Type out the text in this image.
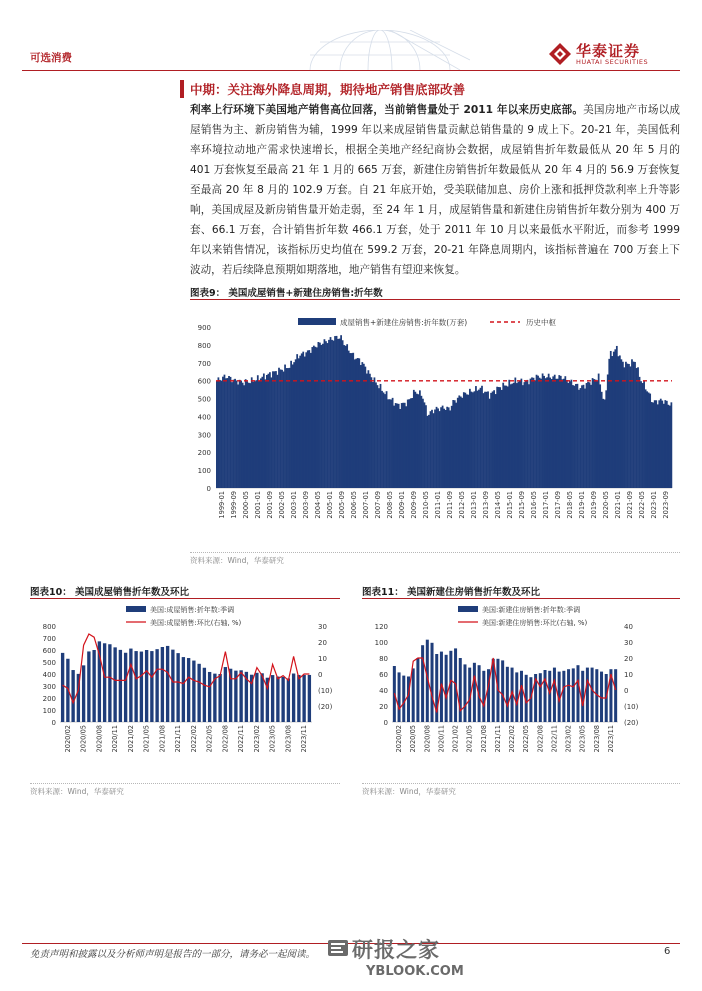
可选消费	华泰证券
HUATAI SECURITIES
中期：关注海外降息周期，期待地产销售底部改善
利率上行环境下美国地产销售高位回落，当前销售量处于 2011 年以来历史底部。美国房地产市场以成屋销售为主、新房销售为辅，1999 年以来成屋销售量贡献总销售量的 9 成上下。20-21 年，美国低利率环境拉动地产需求快速增长，根据全美地产经纪商协会数据，成屋销售折年数最低从 20 年 5 月的 401 万套恢复至最高 21 年 1 月的 665 万套，新建住房销售折年数最低从 20 年 4 月的 56.9 万套恢复至最高 20 年 8 月的 102.9 万套。自 21 年底开始，受美联储加息、房价上涨和抵押贷款利率上升等影响，美国成屋及新房销售量开始走弱，至 24 年 1 月，成屋销售量和新建住房销售折年数分别为 400 万套、66.1 万套，合计销售折年数 466.1 万套，处于 2011 年 10 月以来最低水平附近，而参考 1999 年以来销售情况，该指标历史均值在 599.2 万套，20-21 年降息周期内，该指标普遍在 700 万套上下波动，若后续降息预期如期落地，地产销售有望迎来恢复。
图表9： 美国成屋销售+新建住房销售:折年数
0
100
200
300
400
500
600
700
800
900
1999-01 1999-09 2000-05 2001-01 2001-09 2002-05 2003-01 2003-09 2004-05 2005-01 2005-09 2006-05 2007-01 2007-09 2008-05 2009-01 2009-09 2010-05 2011-01 2011-09 2012-05 2013-01 2013-09 2014-05 2015-01 2015-09 2016-05 2017-01 2017-09 2018-05 2019-01 2019-09 2020-05 2021-01 2021-09 2022-05 2023-01 2023-09
成屋销售+新建住房销售:折年数(万套)	历史中枢
资料来源：Wind，华泰研究
图表10： 美国成屋销售折年数及环比
0
100
200
300
400
500
600
700
800
(20)
(10)
0
10
20
30
2020/02 2020/05 2020/08 2020/11 2021/02 2021/05 2021/08 2021/11 2022/02 2022/05 2022/08 2022/11 2023/02 2023/05 2023/08 2023/11
美国:成屋销售:折年数:季调
美国:成屋销售:环比(右轴, %)
资料来源：Wind，华泰研究
图表11： 美国新建住房销售折年数及环比
0
20
40
60
80
100
120
(20)
(10)
0
10
20
30
40
2020/02 2020/05 2020/08 2020/11 2021/02 2021/05 2021/08 2021/11 2022/02 2022/05 2022/08 2022/11 2023/02 2023/05 2023/08 2023/11
美国:新建住房销售:折年数:季调
美国:新建住房销售:环比(右轴, %)
资料来源：Wind，华泰研究
免责声明和披露以及分析师声明是报告的一部分，请务必一起阅读。	6
研报之家
YBLOOK.COM
